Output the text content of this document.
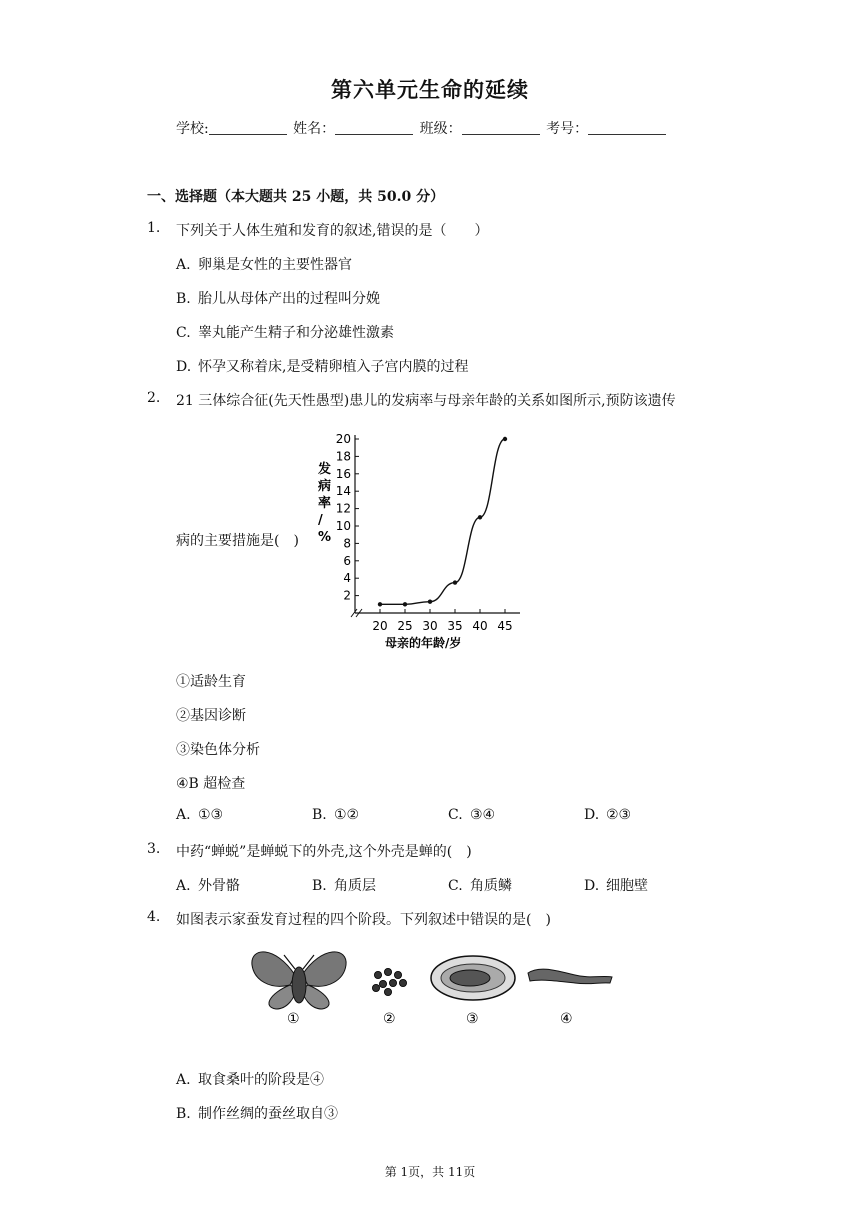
第六单元生命的延续
学校:	姓名：	班级：	考号：
一、选择题（本大题共 25 小题，共 50.0 分）
1. 下列关于人体生殖和发育的叙述,错误的是（　　）
A. 卵巢是女性的主要性器官
B. 胎儿从母体产出的过程叫分娩
C. 睾丸能产生精子和分泌雄性激素
D. 怀孕又称着床,是受精卵植入子宫内膜的过程
2. 21 三体综合征(先天性愚型)患儿的发病率与母亲年龄的关系如图所示,预防该遗传
病的主要措施是(　)
2
4
6
8
10
12
14
16
18
20
20 25 30 35 40 45
发病率/ %
母亲的年龄/岁
①适龄生育
②基因诊断
③染色体分析
④B 超检查
A. ①③	B. ①②	C. ③④	D. ②③
3. 中药“蝉蜕”是蝉蜕下的外壳,这个外壳是蝉的(　)
A. 外骨骼	B. 角质层	C. 角质鳞	D. 细胞壁
4. 如图表示家蚕发育过程的四个阶段。下列叙述中错误的是(　)
①	②	③	④
A. 取食桑叶的阶段是④
B. 制作丝绸的蚕丝取自③
第 1页，共 11页
